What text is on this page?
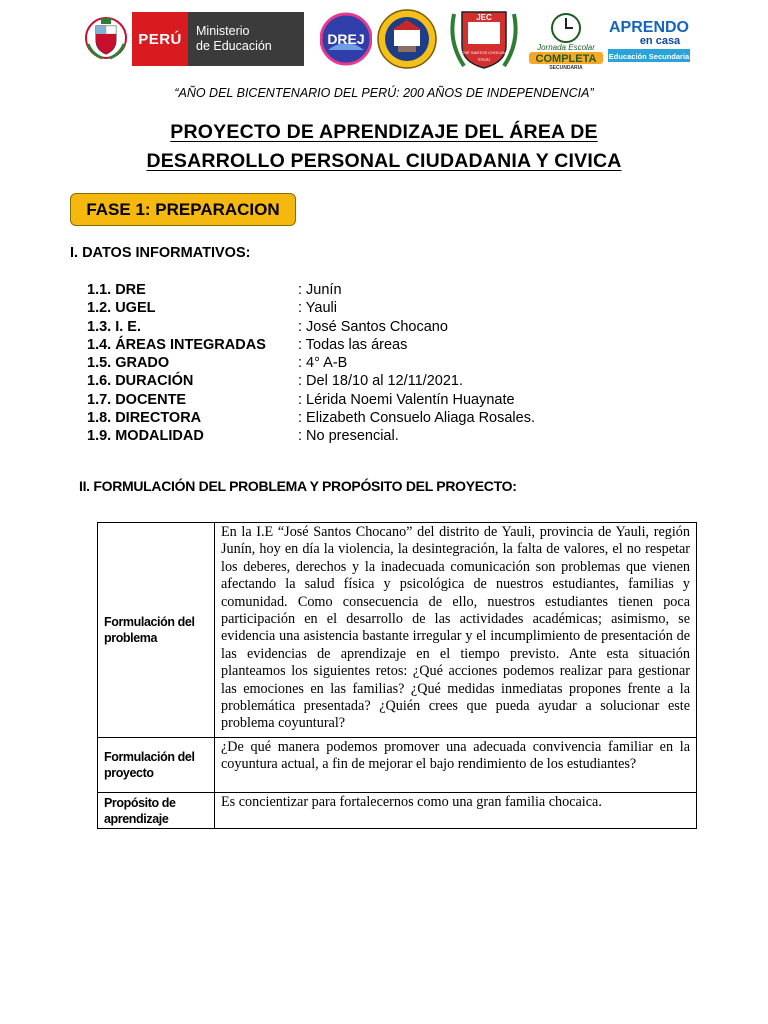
PERÚ	Ministerio
de Educación	DREJ
JEC
JOSÉ SANTOS CHOCANO
YAULI
Jornada Escolar
COMPLETA
SECUNDARIA
APRENDO
en casa
Educación Secundaria
“AÑO DEL BICENTENARIO DEL PERÚ: 200 AÑOS DE INDEPENDENCIA”
PROYECTO DE APRENDIZAJE DEL ÁREA DE
DESARROLLO PERSONAL CIUDADANIA Y CIVICA
FASE 1: PREPARACION
I. DATOS INFORMATIVOS:
1.1. DRE	: Junín
1.2. UGEL	: Yauli
1.3. I. E.	: José Santos Chocano
1.4. ÁREAS INTEGRADAS	: Todas las áreas
1.5. GRADO	: 4° A-B
1.6. DURACIÓN	: Del 18/10 al 12/11/2021.
1.7. DOCENTE	: Lérida Noemi Valentín Huaynate
1.8. DIRECTORA	: Elizabeth Consuelo Aliaga Rosales.
1.9. MODALIDAD	: No presencial.
II. FORMULACIÓN DEL PROBLEMA Y PROPÓSITO DEL PROYECTO:
Formulación del problema	En la I.E “José Santos Chocano” del distrito de Yauli, provincia de Yauli, región Junín, hoy en día la violencia, la desintegración, la falta de valores, el no respetar los deberes, derechos y la inadecuada comunicación son problemas que vienen afectando la salud física y psicológica de nuestros estudiantes, familias y comunidad. Como consecuencia de ello, nuestros estudiantes tienen poca participación en el desarrollo de las actividades académicas; asimismo, se evidencia una asistencia bastante irregular y el incumplimiento de presentación de las evidencias de aprendizaje en el tiempo previsto. Ante esta situación planteamos los siguientes retos: ¿Qué acciones podemos realizar para gestionar las emociones en las familias? ¿Qué medidas inmediatas propones frente a la problemática presentada? ¿Quién crees que pueda ayudar a solucionar este problema coyuntural?
Formulación del proyecto	¿De qué manera podemos promover una adecuada convivencia familiar en la coyuntura actual, a fin de mejorar el bajo rendimiento de los estudiantes?
Propósito de aprendizaje	Es concientizar para fortalecernos como una gran familia chocaica.
